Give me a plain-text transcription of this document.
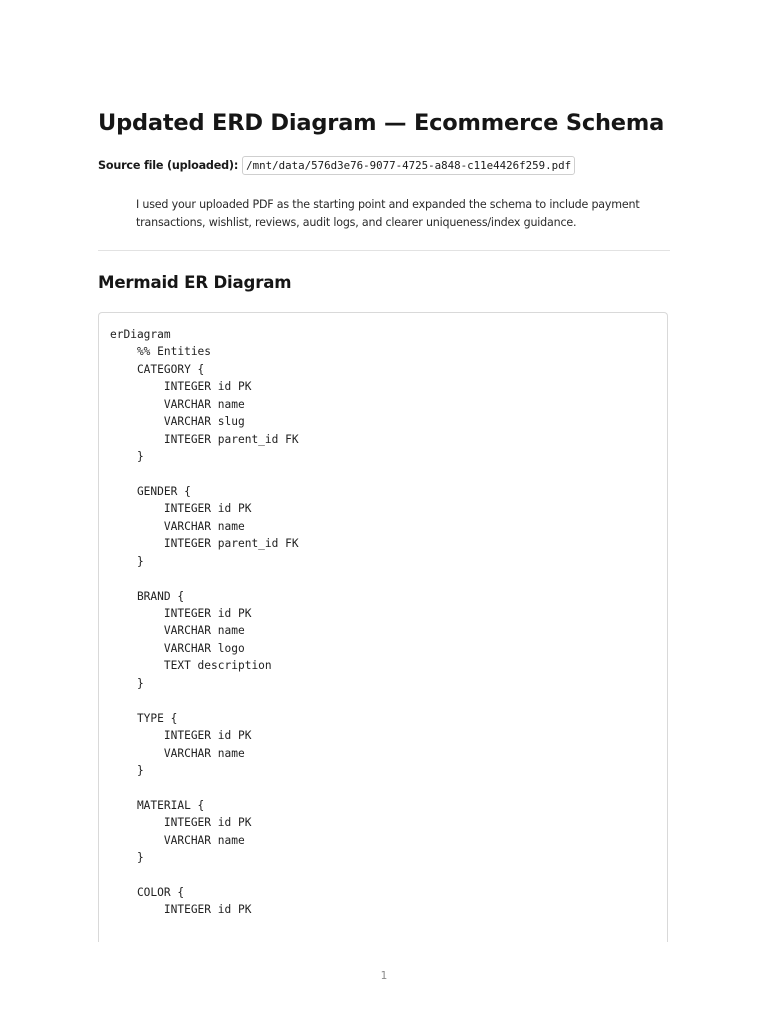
Updated ERD Diagram — Ecommerce Schema
Source file (uploaded): /mnt/data/576d3e76-9077-4725-a848-c11e4426f259.pdf

I used your uploaded PDF as the starting point and expanded the schema to include payment transactions, wishlist, reviews, audit logs, and clearer uniqueness/index guidance.

Mermaid ER Diagram
erDiagram
%% Entities
CATEGORY {
INTEGER id PK
VARCHAR name
VARCHAR slug
INTEGER parent_id FK
}
GENDER {
INTEGER id PK
VARCHAR name
INTEGER parent_id FK
}
BRAND {
INTEGER id PK
VARCHAR name
VARCHAR logo
TEXT description
}
TYPE {
INTEGER id PK
VARCHAR name
}
MATERIAL {
INTEGER id PK
VARCHAR name
}
COLOR {
INTEGER id PK
1
